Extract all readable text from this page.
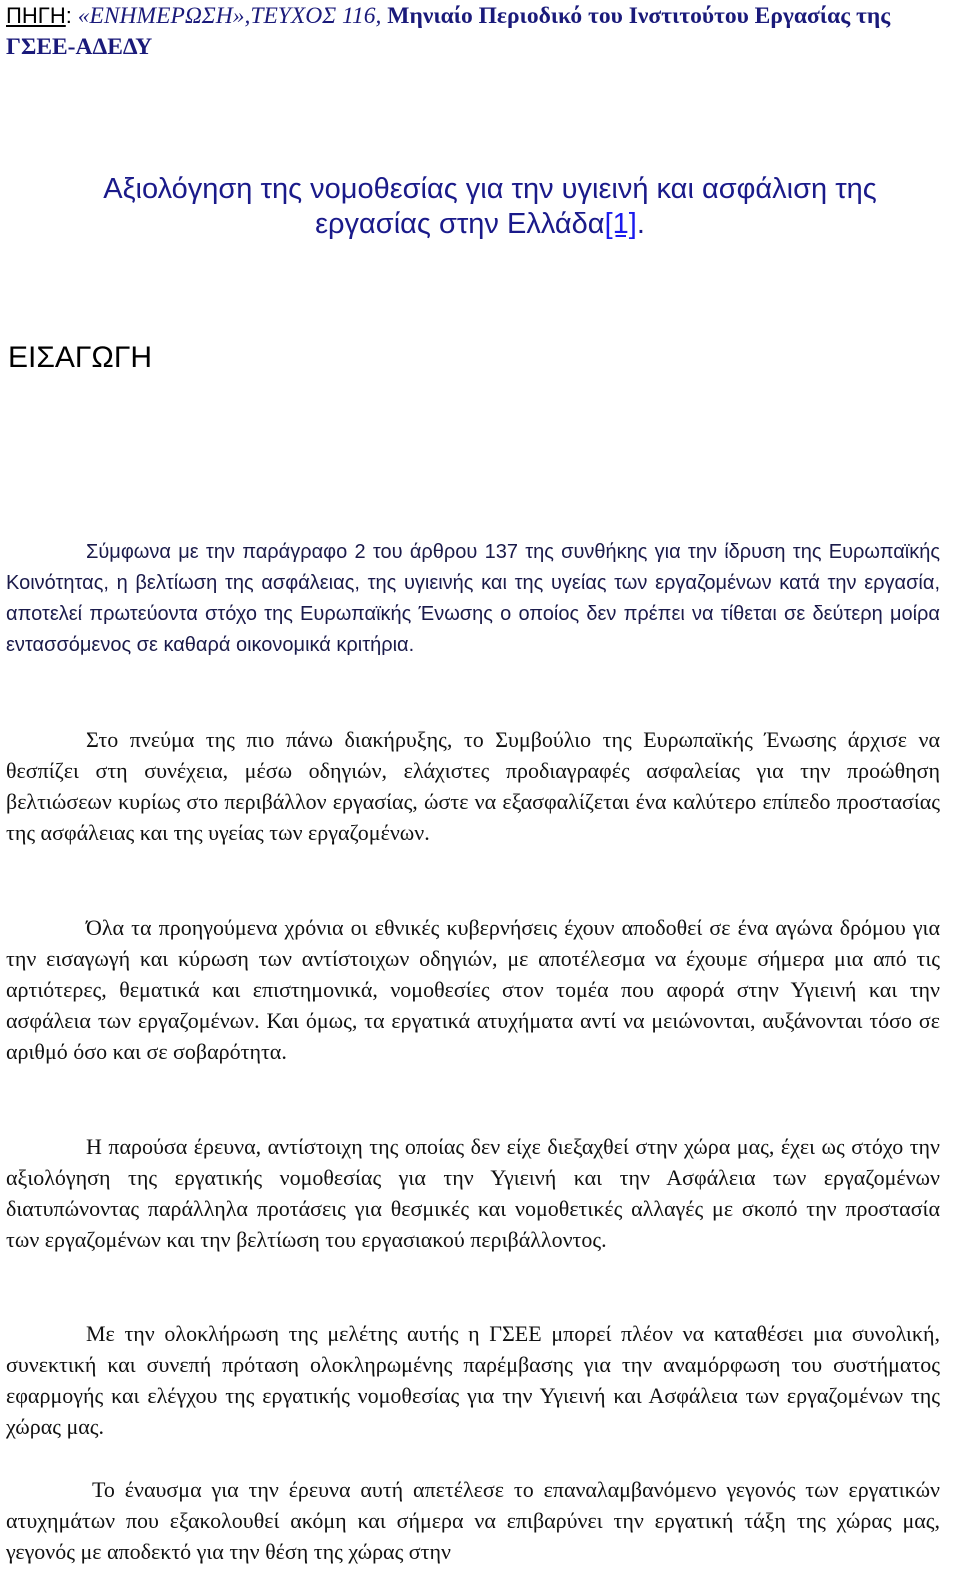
ΠΗΓΗ: «ΕΝΗΜΕΡΩΣΗ»,ΤΕΥΧΟΣ 116, Μηνιαίο Περιοδικό του Ινστιτούτου Εργασίας της ΓΣΕΕ-ΑΔΕΔΥ

Αξιολόγηση της νομοθεσίας για την υγιεινή και ασφάλιση της
εργασίας στην Ελλάδα[1].
ΕΙΣΑΓΩΓΗ

Σύμφωνα με την παράγραφο 2 του άρθρου 137 της συνθήκης για την ίδρυση της Ευρωπαϊκής Κοινότητας, η βελτίωση της ασφάλειας, της υγιεινής και της υγείας των εργαζομένων κατά την εργασία, αποτελεί πρωτεύοντα στόχο της Ευρωπαϊκής Ένωσης ο οποίος δεν πρέπει να τίθεται σε δεύτερη μοίρα εντασσόμενος σε καθαρά οικονομικά κριτήρια.

Στο πνεύμα της πιο πάνω διακήρυξης, το Συμβούλιο της Ευρωπαϊκής Ένωσης άρχισε να θεσπίζει στη συνέχεια, μέσω οδηγιών, ελάχιστες προδιαγραφές ασφαλείας για την προώθηση βελτιώσεων κυρίως στο περιβάλλον εργασίας, ώστε να εξασφαλίζεται ένα καλύτερο επίπεδο προστασίας της ασφάλειας και της υγείας των εργαζομένων.

Όλα τα προηγούμενα χρόνια οι εθνικές κυβερνήσεις έχουν αποδοθεί σε ένα αγώνα δρόμου για την εισαγωγή και κύρωση των αντίστοιχων οδηγιών, με αποτέλεσμα να έχουμε σήμερα μια από τις αρτιότερες, θεματικά και επιστημονικά, νομοθεσίες στον τομέα που αφορά στην Υγιεινή και την ασφάλεια των εργαζομένων. Και όμως, τα εργατικά ατυχήματα αντί να μειώνονται, αυξάνονται τόσο σε αριθμό όσο και σε σοβαρότητα.

Η παρούσα έρευνα, αντίστοιχη της οποίας δεν είχε διεξαχθεί στην χώρα μας, έχει ως στόχο την αξιολόγηση της εργατικής νομοθεσίας για την Υγιεινή και την Ασφάλεια των εργαζομένων διατυπώνοντας παράλληλα προτάσεις για θεσμικές και νομοθετικές αλλαγές με σκοπό την προστασία των εργαζομένων και την βελτίωση του εργασιακού περιβάλλοντος.

Με την ολοκλήρωση της μελέτης αυτής η ΓΣΕΕ μπορεί πλέον να καταθέσει μια συνολική, συνεκτική και συνεπή πρόταση ολοκληρωμένης παρέμβασης για την αναμόρφωση του συστήματος εφαρμογής και ελέγχου της εργατικής νομοθεσίας για την Υγιεινή και Ασφάλεια των εργαζομένων της χώρας μας.

Το έναυσμα για την έρευνα αυτή απετέλεσε το επαναλαμβανόμενο γεγονός των εργατικών ατυχημάτων που εξακολουθεί ακόμη και σήμερα να επιβαρύνει την εργατική τάξη της χώρας μας, γεγονός με αποδεκτό για την θέση της χώρας στην
